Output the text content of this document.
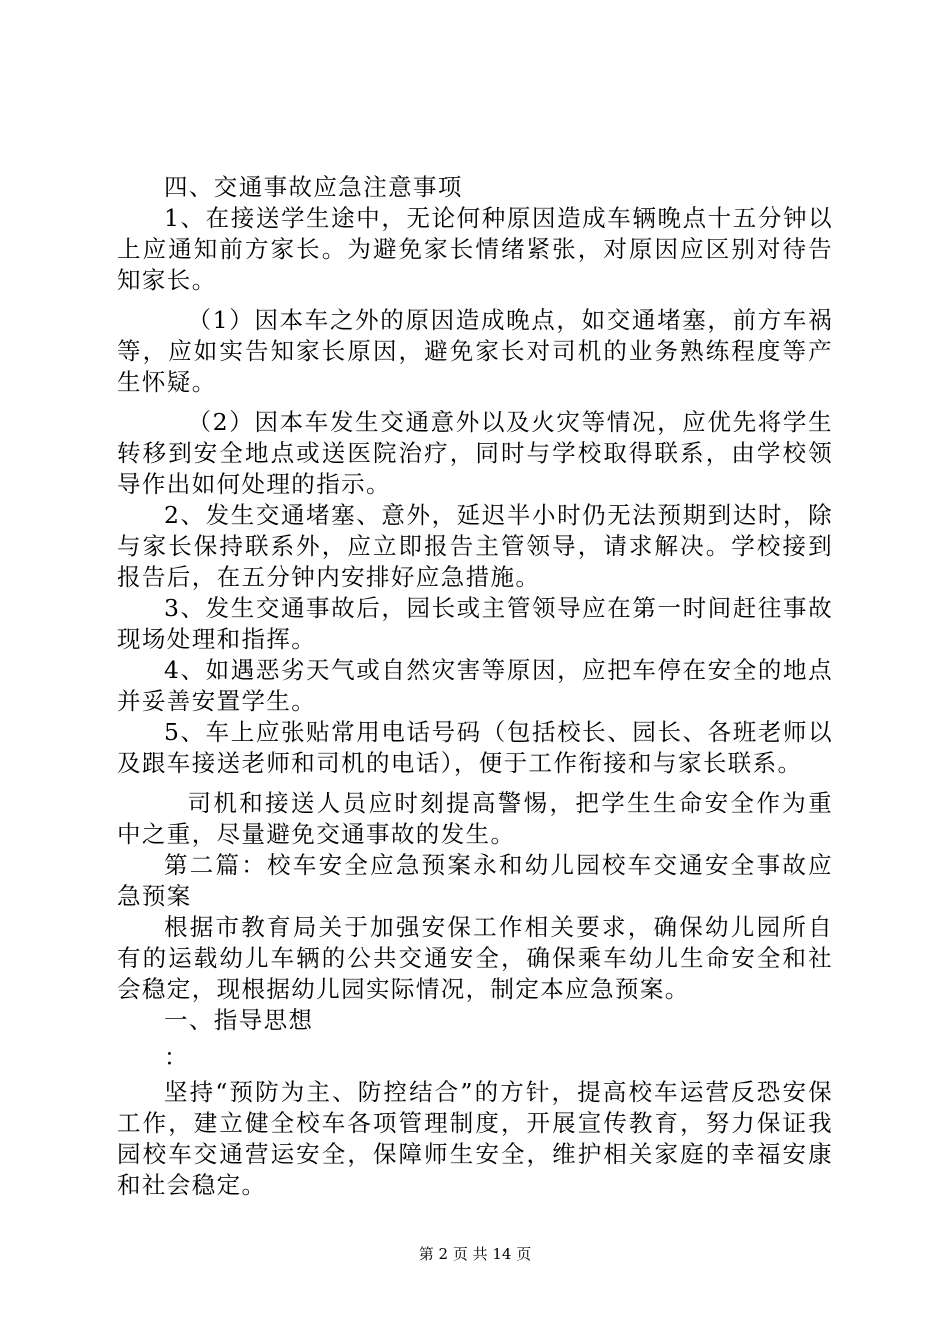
四、交通事故应急注意事项

1、在接送学生途中，无论何种原因造成车辆晚点十五分钟以上应通知前方家长。为避免家长情绪紧张，对原因应区别对待告知家长。

（1）因本车之外的原因造成晚点，如交通堵塞，前方车祸等，应如实告知家长原因，避免家长对司机的业务熟练程度等产生怀疑。

（2）因本车发生交通意外以及火灾等情况，应优先将学生转移到安全地点或送医院治疗，同时与学校取得联系，由学校领导作出如何处理的指示。

2、发生交通堵塞、意外，延迟半小时仍无法预期到达时，除与家长保持联系外，应立即报告主管领导，请求解决。学校接到报告后，在五分钟内安排好应急措施。

3、发生交通事故后，园长或主管领导应在第一时间赶往事故现场处理和指挥。

4、如遇恶劣天气或自然灾害等原因，应把车停在安全的地点并妥善安置学生。

5、车上应张贴常用电话号码（包括校长、园长、各班老师以及跟车接送老师和司机的电话），便于工作衔接和与家长联系。

司机和接送人员应时刻提高警惕，把学生生命安全作为重中之重，尽量避免交通事故的发生。

第二篇：校车安全应急预案永和幼儿园校车交通安全事故应急预案

根据市教育局关于加强安保工作相关要求，确保幼儿园所自有的运载幼儿车辆的公共交通安全，确保乘车幼儿生命安全和社会稳定，现根据幼儿园实际情况，制定本应急预案。

一、指导思想

：

坚持“预防为主、防控结合”的方针，提高校车运营反恐安保工作，建立健全校车各项管理制度，开展宣传教育，努力保证我园校车交通营运安全，保障师生安全，维护相关家庭的幸福安康和社会稳定。

第 2 页 共 14 页
